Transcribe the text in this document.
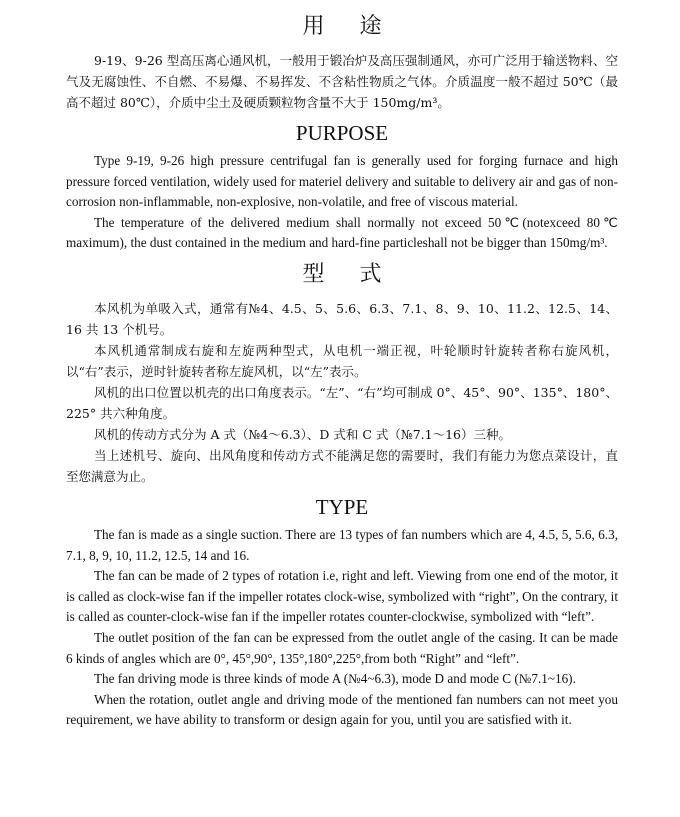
用 途

9-19、9-26 型高压离心通风机，一般用于锻冶炉及高压强制通风，亦可广泛用于输送物料、空气及无腐蚀性、不自燃、不易爆、不易挥发、不含粘性物质之气体。介质温度一般不超过 50℃（最高不超过 80℃），介质中尘土及硬质颗粒物含量不大于 150mg/m³。

PURPOSE

Type 9-19, 9-26 high pressure centrifugal fan is generally used for forging furnace and high pressure forced ventilation, widely used for materiel delivery and suitable to delivery air and gas of non-corrosion non-inflammable, non-explosive, non-volatile, and free of viscous material.

The temperature of the delivered medium shall normally not exceed 50℃(notexceed 80℃ maximum), the dust contained in the medium and hard-fine particleshall not be bigger than 150mg/m³.

型 式

本风机为单吸入式，通常有№4、4.5、5、5.6、6.3、7.1、8、9、10、11.2、12.5、14、16 共 13 个机号。

本风机通常制成右旋和左旋两种型式，从电机一端正视，叶轮顺时针旋转者称右旋风机，以“右”表示，逆时针旋转者称左旋风机，以“左”表示。

风机的出口位置以机壳的出口角度表示。“左”、“右”均可制成 0°、45°、90°、135°、180°、225° 共六种角度。

风机的传动方式分为 A 式（№4～6.3）、D 式和 C 式（№7.1～16）三种。

当上述机号、旋向、出风角度和传动方式不能满足您的需要时，我们有能力为您点菜设计，直至您满意为止。

TYPE

The fan is made as a single suction. There are 13 types of fan numbers which are 4, 4.5, 5, 5.6, 6.3, 7.1, 8, 9, 10, 11.2, 12.5, 14 and 16.

The fan can be made of 2 types of rotation i.e, right and left. Viewing from one end of the motor, it is called as clock-wise fan if the impeller rotates clock-wise, symbolized with “right”, On the contrary, it is called as counter-clock-wise fan if the impeller rotates counter-clockwise, symbolized with “left”.

The outlet position of the fan can be expressed from the outlet angle of the casing. It can be made 6 kinds of angles which are 0°, 45°,90°, 135°,180°,225°,from both “Right” and “left”.

The fan driving mode is three kinds of mode A (№4~6.3), mode D and mode C (№7.1~16).

When the rotation, outlet angle and driving mode of the mentioned fan numbers can not meet you requirement, we have ability to transform or design again for you, until you are satisfied with it.
